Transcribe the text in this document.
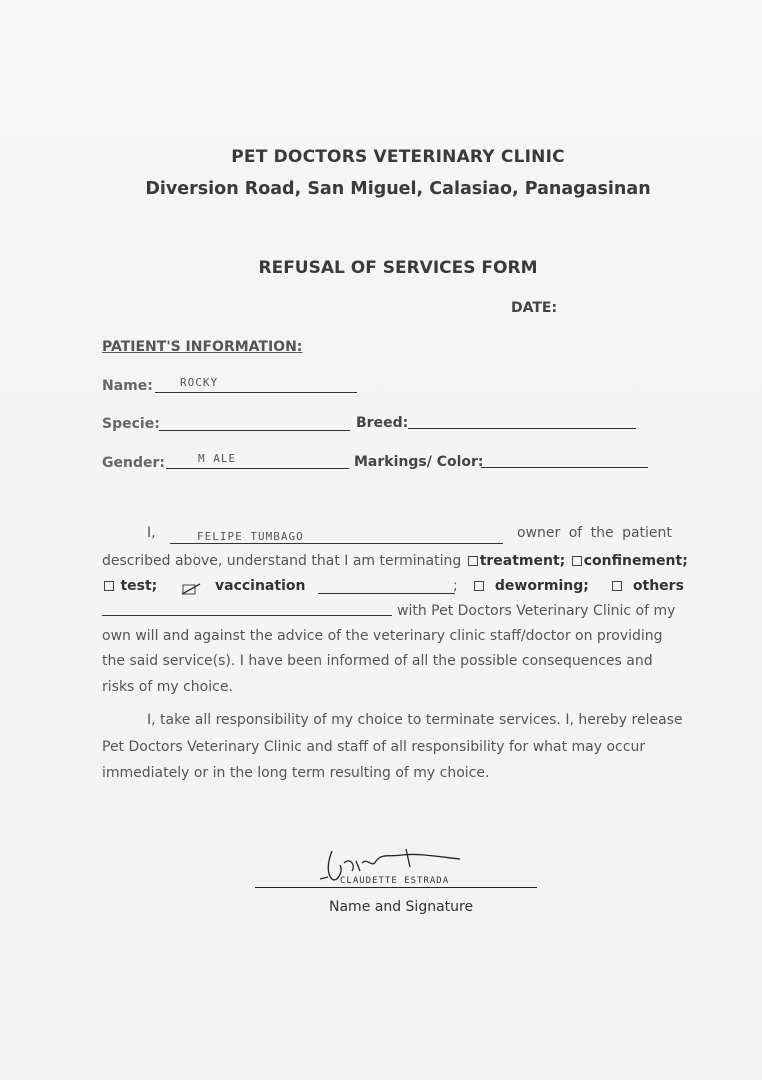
PET DOCTORS VETERINARY CLINIC
Diversion Road, San Miguel, Calasiao, Panagasinan
REFUSAL OF SERVICES FORM
DATE:
PATIENT'S INFORMATION:
Name: ROCKY
Specie:	Breed:
Gender:	M ALE	Markings/ Color:
I,	FELIPE TUMBAGO	owner of the patient
described above, understand that I am terminating treatment; confinement;
test;	vaccination	;	deworming;	others
with Pet Doctors Veterinary Clinic of my
own will and against the advice of the veterinary clinic staff/doctor on providing
the said service(s). I have been informed of all the possible consequences and
risks of my choice.
I, take all responsibility of my choice to terminate services. I, hereby release
Pet Doctors Veterinary Clinic and staff of all responsibility for what may occur
immediately or in the long term resulting of my choice.
CLAUDETTE ESTRADA
Name and Signature
